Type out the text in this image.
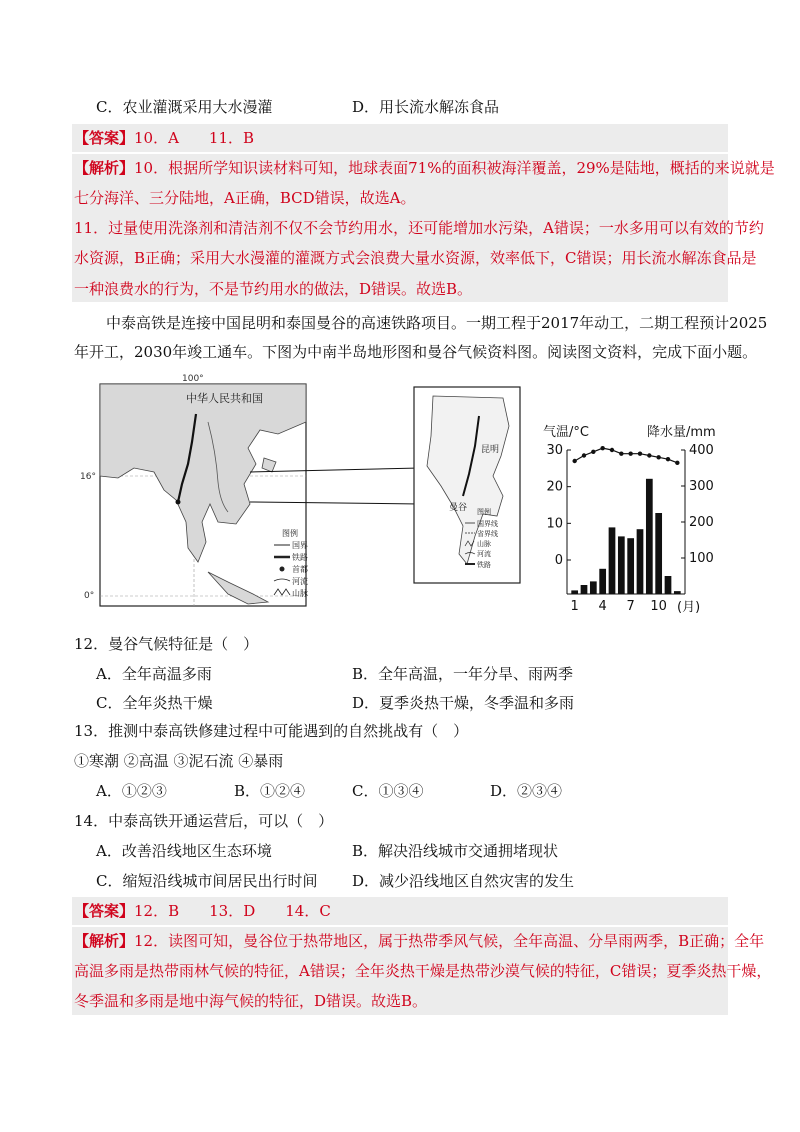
C．农业灌溉采用大水漫灌	D．用长流水解冻食品
【答案】10．A　　11．B
【解析】10．根据所学知识读材料可知，地球表面71%的面积被海洋覆盖，29%是陆地，概括的来说就是
七分海洋、三分陆地，A正确，BCD错误，故选A。
11．过量使用洗涤剂和清洁剂不仅不会节约用水，还可能增加水污染，A错误；一水多用可以有效的节约
水资源，B正确；采用大水漫灌的灌溉方式会浪费大量水资源，效率低下，C错误；用长流水解冻食品是
一种浪费水的行为，不是节约用水的做法，D错误。故选B。
中泰高铁是连接中国昆明和泰国曼谷的高速铁路项目。一期工程于2017年动工，二期工程预计2025
年开工，2030年竣工通车。下图为中南半岛地形图和曼谷气候资料图。阅读图文资料，完成下面小题。
100°
16°
0°
中华人民共和国
图例
国界
铁路
首都
河流
山脉
昆明
曼谷 图例
国界线
省界线
山脉
河流
铁路
气温/°C	降水量/mm
0
10
20
30
100
200
300
400
1 4 7 10 (月)
12．曼谷气候特征是（　）
A．全年高温多雨	B．全年高温，一年分旱、雨两季
C．全年炎热干燥	D．夏季炎热干燥，冬季温和多雨
13．推测中泰高铁修建过程中可能遇到的自然挑战有（　）
①寒潮 ②高温 ③泥石流 ④暴雨
A．①②③	B．①②④	C．①③④	D．②③④
14．中泰高铁开通运营后，可以（　）
A．改善沿线地区生态环境	B．解决沿线城市交通拥堵现状
C．缩短沿线城市间居民出行时间 D．减少沿线地区自然灾害的发生
【答案】12．B　　13．D　　14．C
【解析】12．读图可知，曼谷位于热带地区，属于热带季风气候，全年高温、分旱雨两季，B正确；全年
高温多雨是热带雨林气候的特征，A错误；全年炎热干燥是热带沙漠气候的特征，C错误；夏季炎热干燥，
冬季温和多雨是地中海气候的特征，D错误。故选B。
